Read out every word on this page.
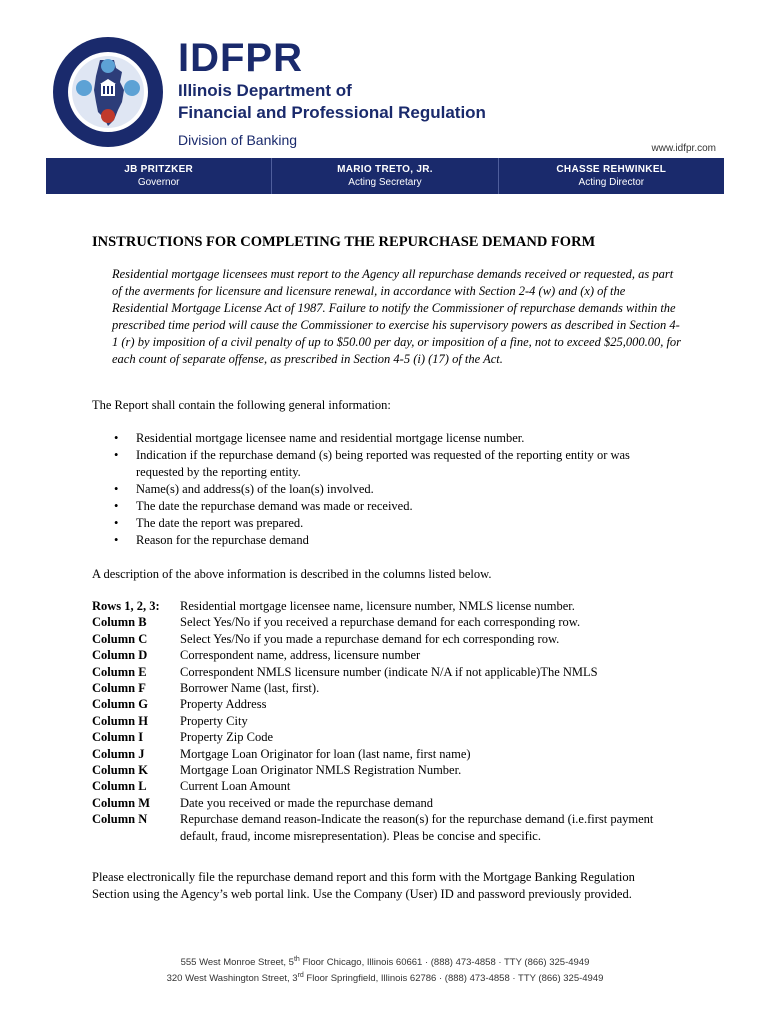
IDFPR
Illinois Department of
Financial and Professional Regulation
Division of Banking
www.idfpr.com
JB PRITZKER
Governor
MARIO TRETO, JR.
Acting Secretary
CHASSE REHWINKEL
Acting Director
INSTRUCTIONS FOR COMPLETING THE REPURCHASE DEMAND FORM
Residential mortgage licensees must report to the Agency all repurchase demands received or requested, as part of the averments for licensure and licensure renewal, in accordance with Section 2-4 (w) and (x) of the Residential Mortgage License Act of 1987. Failure to notify the Commissioner of repurchase demands within the prescribed time period will cause the Commissioner to exercise his supervisory powers as described in Section 4-1 (r) by imposition of a civil penalty of up to $50.00 per day, or imposition of a fine, not to exceed $25,000.00, for each count of separate offense, as prescribed in Section 4-5 (i) (17) of the Act.
The Report shall contain the following general information:
• Residential mortgage licensee name and residential mortgage license number.
• Indication if the repurchase demand (s) being reported was requested of the reporting entity or was requested by the reporting entity.
• Name(s) and address(s) of the loan(s) involved.
• The date the repurchase demand was made or received.
• The date the report was prepared.
• Reason for the repurchase demand
A description of the above information is described in the columns listed below.
Rows 1, 2, 3:	Residential mortgage licensee name, licensure number, NMLS license number.
Column B	Select Yes/No if you received a repurchase demand for each corresponding row.
Column C	Select Yes/No if you made a repurchase demand for ech corresponding row.
Column D	Correspondent name, address, licensure number
Column E	Correspondent NMLS licensure number (indicate N/A if not applicable)The NMLS
Column F	Borrower Name (last, first).
Column G	Property Address
Column H	Property City
Column I	Property Zip Code
Column J	Mortgage Loan Originator for loan (last name, first name)
Column K	Mortgage Loan Originator NMLS Registration Number.
Column L	Current Loan Amount
Column M	Date you received or made the repurchase demand
Column N	Repurchase demand reason-Indicate the reason(s) for the repurchase demand (i.e.first payment default, fraud, income misrepresentation). Pleas be concise and specific.
Please electronically file the repurchase demand report and this form with the Mortgage Banking Regulation Section using the Agency’s web portal link. Use the Company (User) ID and password previously provided.
555 West Monroe Street, 5th Floor Chicago, Illinois 60661 · (888) 473-4858 · TTY (866) 325-4949
320 West Washington Street, 3rd Floor Springfield, Illinois 62786 · (888) 473-4858 · TTY (866) 325-4949
